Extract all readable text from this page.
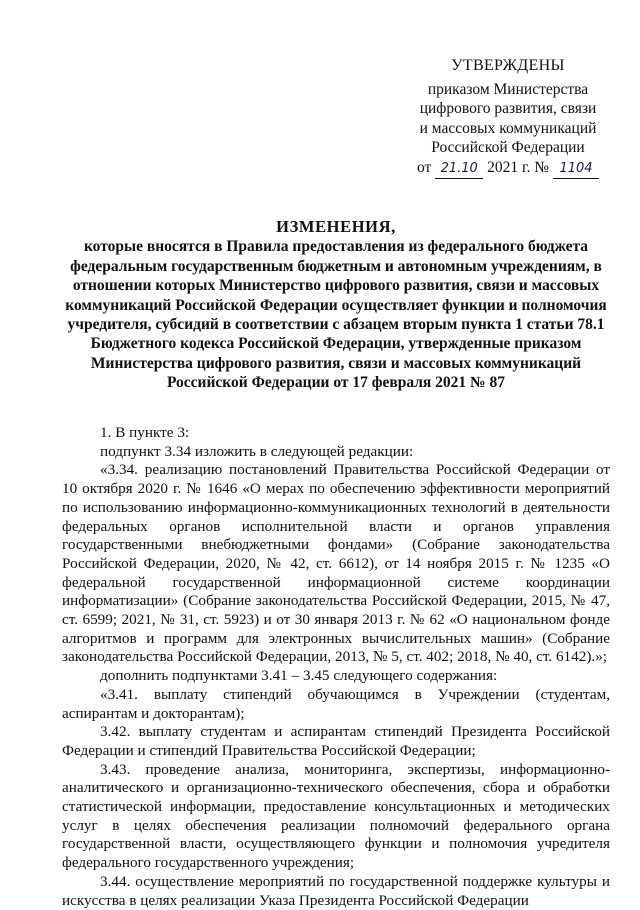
УТВЕРЖДЕНЫ
приказом Министерства
цифрового развития, связи
и массовых коммуникаций
Российской Федерации
от 21.10 2021 г. № 1104
ИЗМЕНЕНИЯ,
которые вносятся в Правила предоставления из федерального бюджета федеральным государственным бюджетным и автономным учреждениям, в отношении которых Министерство цифрового развития, связи и массовых коммуникаций Российской Федерации осуществляет функции и полномочия учредителя, субсидий в соответствии с абзацем вторым пункта 1 статьи 78.1 Бюджетного кодекса Российской Федерации, утвержденные приказом Министерства цифрового развития, связи и массовых коммуникаций Российской Федерации от 17 февраля 2021 № 87

1. В пункте 3:

подпункт 3.34 изложить в следующей редакции:

«3.34. реализацию постановлений Правительства Российской Федерации от 10 октября 2020 г. № 1646 «О мерах по обеспечению эффективности мероприятий по использованию информационно-коммуникационных технологий в деятельности федеральных органов исполнительной власти и органов управления государственными внебюджетными фондами» (Собрание законодательства Российской Федерации, 2020, № 42, ст. 6612), от 14 ноября 2015 г. № 1235 «О федеральной государственной информационной системе координации информатизации» (Собрание законодательства Российской Федерации, 2015, № 47, ст. 6599; 2021, № 31, ст. 5923) и от 30 января 2013 г. № 62 «О национальном фонде алгоритмов и программ для электронных вычислительных машин» (Собрание законодательства Российской Федерации, 2013, № 5, ст. 402; 2018, № 40, ст. 6142).»;

дополнить подпунктами 3.41 – 3.45 следующего содержания:

«3.41. выплату стипендий обучающимся в Учреждении (студентам, аспирантам и докторантам);

3.42. выплату студентам и аспирантам стипендий Президента Российской Федерации и стипендий Правительства Российской Федерации;

3.43. проведение анализа, мониторинга, экспертизы, информационно-аналитического и организационно-технического обеспечения, сбора и обработки статистической информации, предоставление консультационных и методических услуг в целях обеспечения реализации полномочий федерального органа государственной власти, осуществляющего функции и полномочия учредителя федерального государственного учреждения;

3.44. осуществление мероприятий по государственной поддержке культуры и искусства в целях реализации Указа Президента Российской Федерации
